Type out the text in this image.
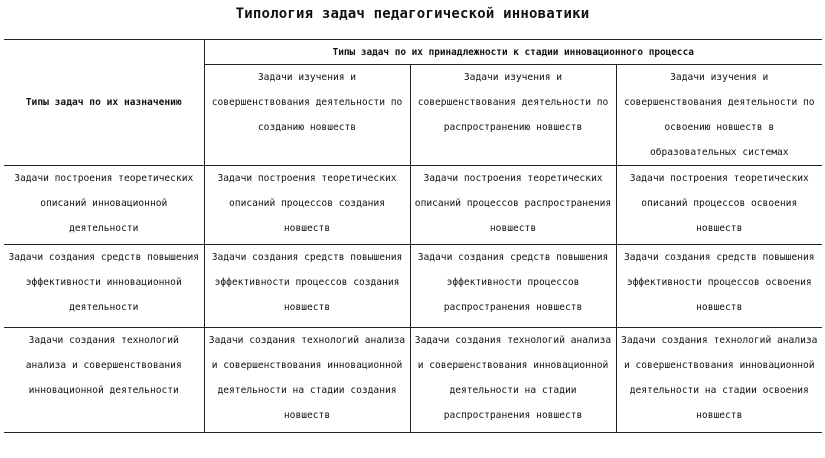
Типология задач педагогической инноватики
Типы задач по их назначению	Типы задач по их принадлежности к стадии инновационного процесса		

	Задачи изучения и совершенствования деятельности по созданию новшеств	Задачи изучения и совершенствования деятельности по распространению новшеств	Задачи изучения и совершенствования деятельности по освоению новшеств в образовательных системах

Задачи построения теоретических описаний инновационной деятельности	Задачи построения теоретических описаний процессов создания новшеств	Задачи построения теоретических описаний процессов распространения новшеств	Задачи построения теоретических описаний процессов освоения новшеств

Задачи создания средств повышения эффективности инновационной деятельности	Задачи создания средств повышения эффективности процессов создания новшеств	Задачи создания средств повышения эффективности процессов распространения новшеств	Задачи создания средств повышения эффективности процессов освоения новшеств

Задачи создания технологий анализа и совершенствования инновационной деятельности	Задачи создания технологий анализа и совершенствования инновационной деятельности на стадии создания новшеств	Задачи создания технологий анализа и совершенствования инновационной деятельности на стадии распространения новшеств	Задачи создания технологий анализа и совершенствования инновационной деятельности на стадии освоения новшеств
